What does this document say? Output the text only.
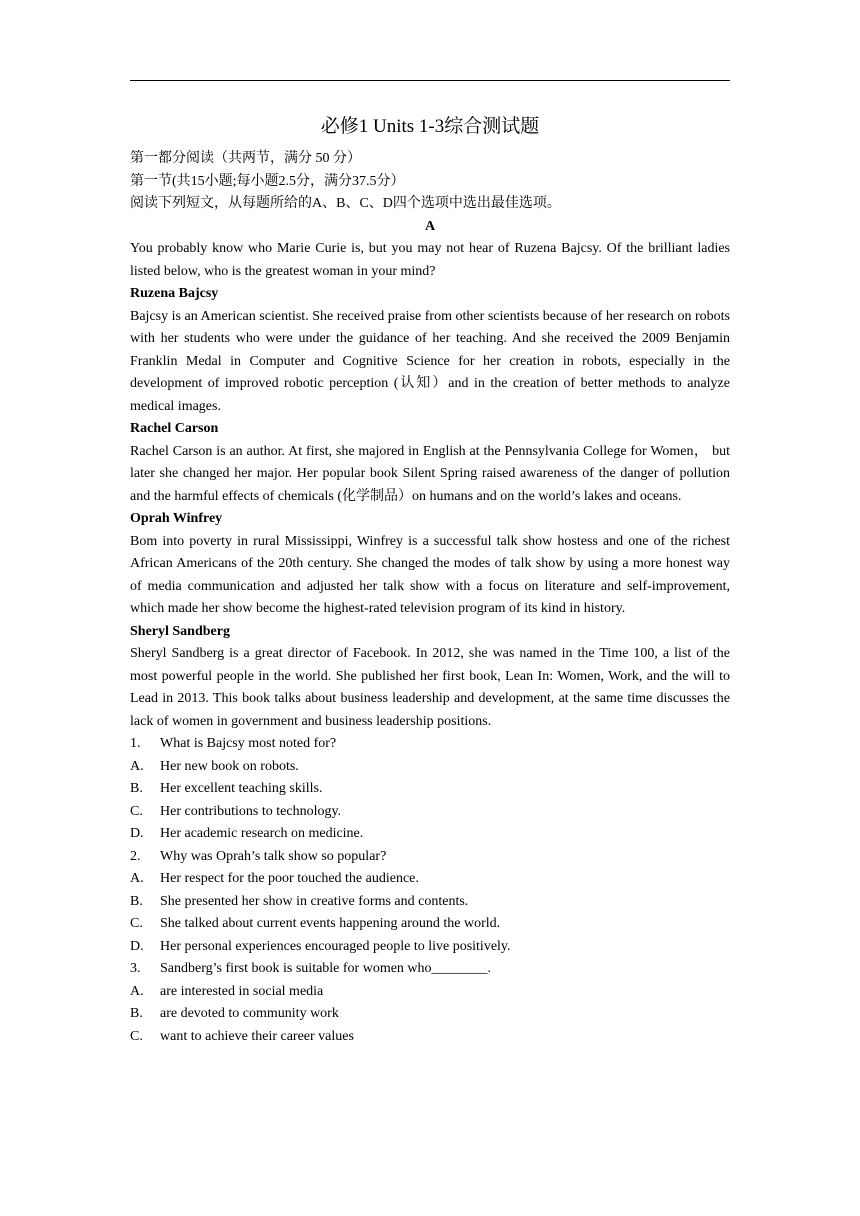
必修1 Units 1-3综合测试题

第一都分阅读（共两节，满分 50 分）

第一节(共15小题;每小题2.5分，满分37.5分）

阅读下列短文，从每题所给的A、B、C、D四个选项中选出最佳选项。

A

You probably know who Marie Curie is, but you may not hear of Ruzena Bajcsy. Of the brilliant ladies listed below, who is the greatest woman in your mind?

Ruzena Bajcsy

Bajcsy is an American scientist. She received praise from other scientists because of her research on robots with her students who were under the guidance of her teaching. And she received the 2009 Benjamin Franklin Medal in Computer and Cognitive Science for her creation in robots, especially in the development of improved robotic perception (认知）and in the creation of better methods to analyze medical images.

Rachel Carson

Rachel Carson is an author. At first, she majored in English at the Pennsylvania College for Women， but later she changed her major. Her popular book Silent Spring raised awareness of the danger of pollution and the harmful effects of chemicals (化学制品）on humans and on the world’s lakes and oceans.

Oprah Winfrey

Bom into poverty in rural Mississippi, Winfrey is a successful talk show hostess and one of the richest African Americans of the 20th century. She changed the modes of talk show by using a more honest way of media communication and adjusted her talk show with a focus on literature and self-improvement, which made her show become the highest-rated television program of its kind in history.

Sheryl Sandberg

Sheryl Sandberg is a great director of Facebook. In 2012, she was named in the Time 100, a list of the most powerful people in the world. She published her first book, Lean In: Women, Work, and the will to Lead in 2013. This book talks about business leadership and development, at the same time discusses the lack of women in government and business leadership positions.

1.	What is Bajcsy most noted for?
A.	Her new book on robots.
B.	Her excellent teaching skills.
C.	Her contributions to technology.
D.	Her academic research on medicine.
2.	Why was Oprah’s talk show so popular?
A.	Her respect for the poor touched the audience.
B.	She presented her show in creative forms and contents.
C.	She talked about current events happening around the world.
D.	Her personal experiences encouraged people to live positively.
3.	Sandberg’s first book is suitable for women who________.
A.	are interested in social media
B.	are devoted to community work
C.	want to achieve their career values
